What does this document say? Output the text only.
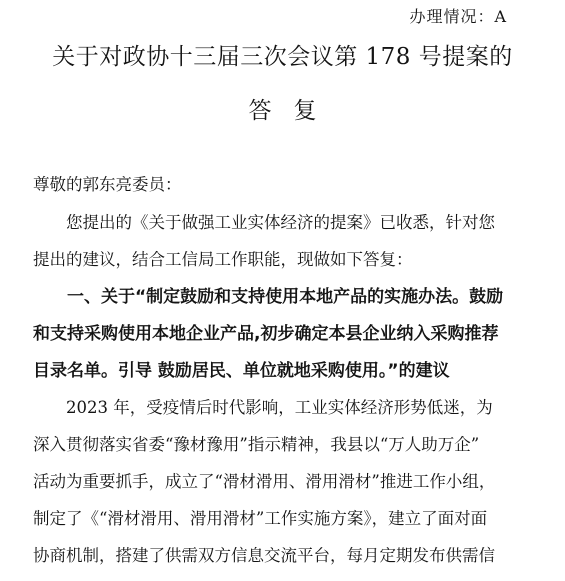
办理情况：A
关于对政协十三届三次会议第 178 号提案的
答复
尊敬的郭东亮委员：
　　您提出的《关于做强工业实体经济的提案》已收悉，针对您
提出的建议，结合工信局工作职能，现做如下答复：
　　一、关于“制定鼓励和支持使用本地产品的实施办法。鼓励
和支持采购使用本地企业产品,初步确定本县企业纳入采购推荐
目录名单。引导 鼓励居民、单位就地采购使用。”的建议
　　2023 年，受疫情后时代影响，工业实体经济形势低迷，为
深入贯彻落实省委“豫材豫用”指示精神，我县以“万人助万企”
活动为重要抓手，成立了“滑材滑用、滑用滑材”推进工作小组，
制定了《“滑材滑用、滑用滑材”工作实施方案》，建立了面对面
协商机制，搭建了供需双方信息交流平台，每月定期发布供需信
